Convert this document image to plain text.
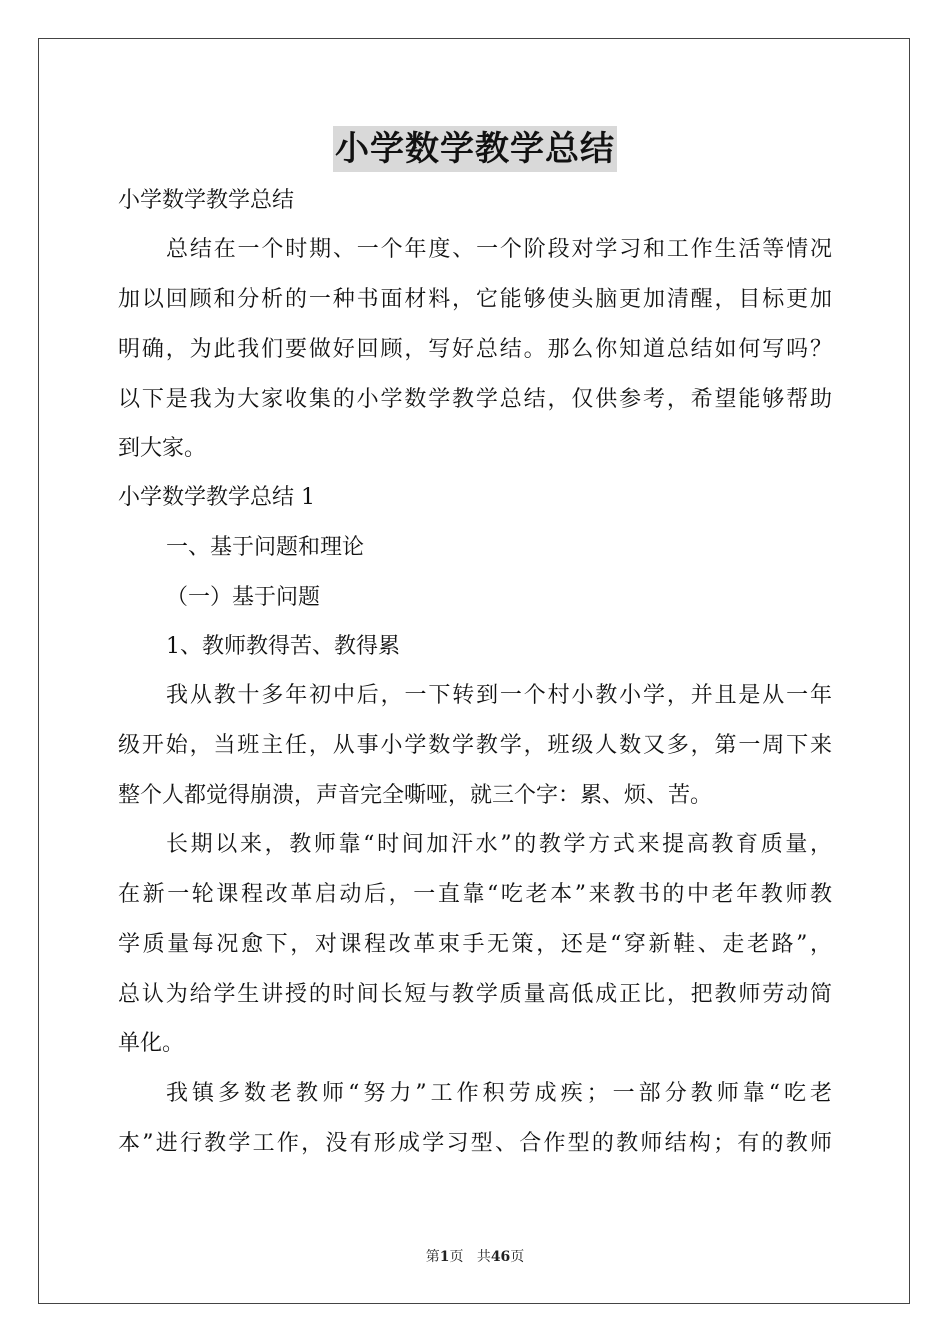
小学数学教学总结
小学数学教学总结
总结在一个时期、一个年度、一个阶段对学习和工作生活等情况
加以回顾和分析的一种书面材料，它能够使头脑更加清醒，目标更加
明确，为此我们要做好回顾，写好总结。那么你知道总结如何写吗？
以下是我为大家收集的小学数学教学总结，仅供参考，希望能够帮助
到大家。
小学数学教学总结 1
一、基于问题和理论
（一）基于问题
1、教师教得苦、教得累
我从教十多年初中后，一下转到一个村小教小学，并且是从一年
级开始，当班主任，从事小学数学教学，班级人数又多，第一周下来
整个人都觉得崩溃，声音完全嘶哑，就三个字：累、烦、苦。
长期以来，教师靠“时间加汗水”的教学方式来提高教育质量，
在新一轮课程改革启动后，一直靠“吃老本”来教书的中老年教师教
学质量每况愈下，对课程改革束手无策，还是“穿新鞋、走老路”，
总认为给学生讲授的时间长短与教学质量高低成正比，把教师劳动简
单化。
我镇多数老教师“努力”工作积劳成疾；一部分教师靠“吃老
本”进行教学工作，没有形成学习型、合作型的教师结构；有的教师
第1页 共46页
